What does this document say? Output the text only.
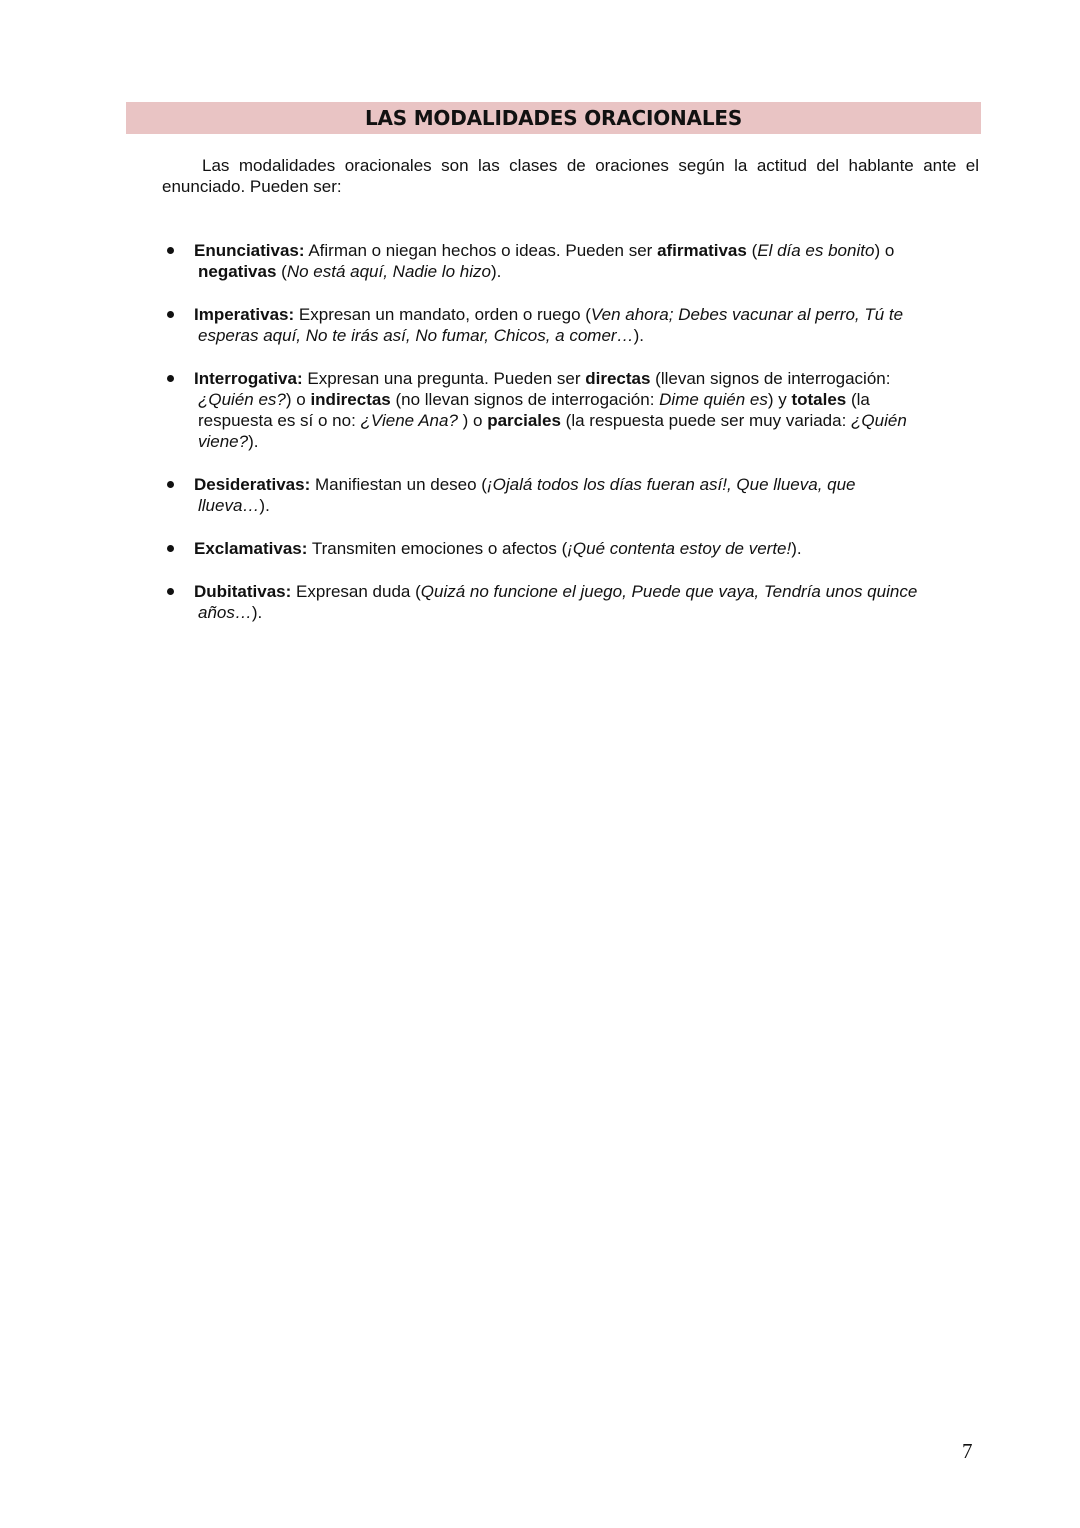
LAS MODALIDADES ORACIONALES

Las modalidades oracionales son las clases de oraciones según la actitud del hablante ante el enunciado. Pueden ser:

Enunciativas: Afirman o niegan hechos o ideas. Pueden ser afirmativas (El día es bonito) o
negativas (No está aquí, Nadie lo hizo).
Imperativas: Expresan un mandato, orden o ruego (Ven ahora; Debes vacunar al perro, Tú te
esperas aquí, No te irás así, No fumar, Chicos, a comer…).
Interrogativa: Expresan una pregunta. Pueden ser directas (llevan signos de interrogación:
¿Quién es?) o indirectas (no llevan signos de interrogación: Dime quién es) y totales (la
respuesta es sí o no: ¿Viene Ana? ) o parciales (la respuesta puede ser muy variada: ¿Quién
viene?).
Desiderativas: Manifiestan un deseo (¡Ojalá todos los días fueran así!, Que llueva, que
llueva…).
Exclamativas: Transmiten emociones o afectos (¡Qué contenta estoy de verte!).
Dubitativas: Expresan duda (Quizá no funcione el juego, Puede que vaya, Tendría unos quince
años…).
7
